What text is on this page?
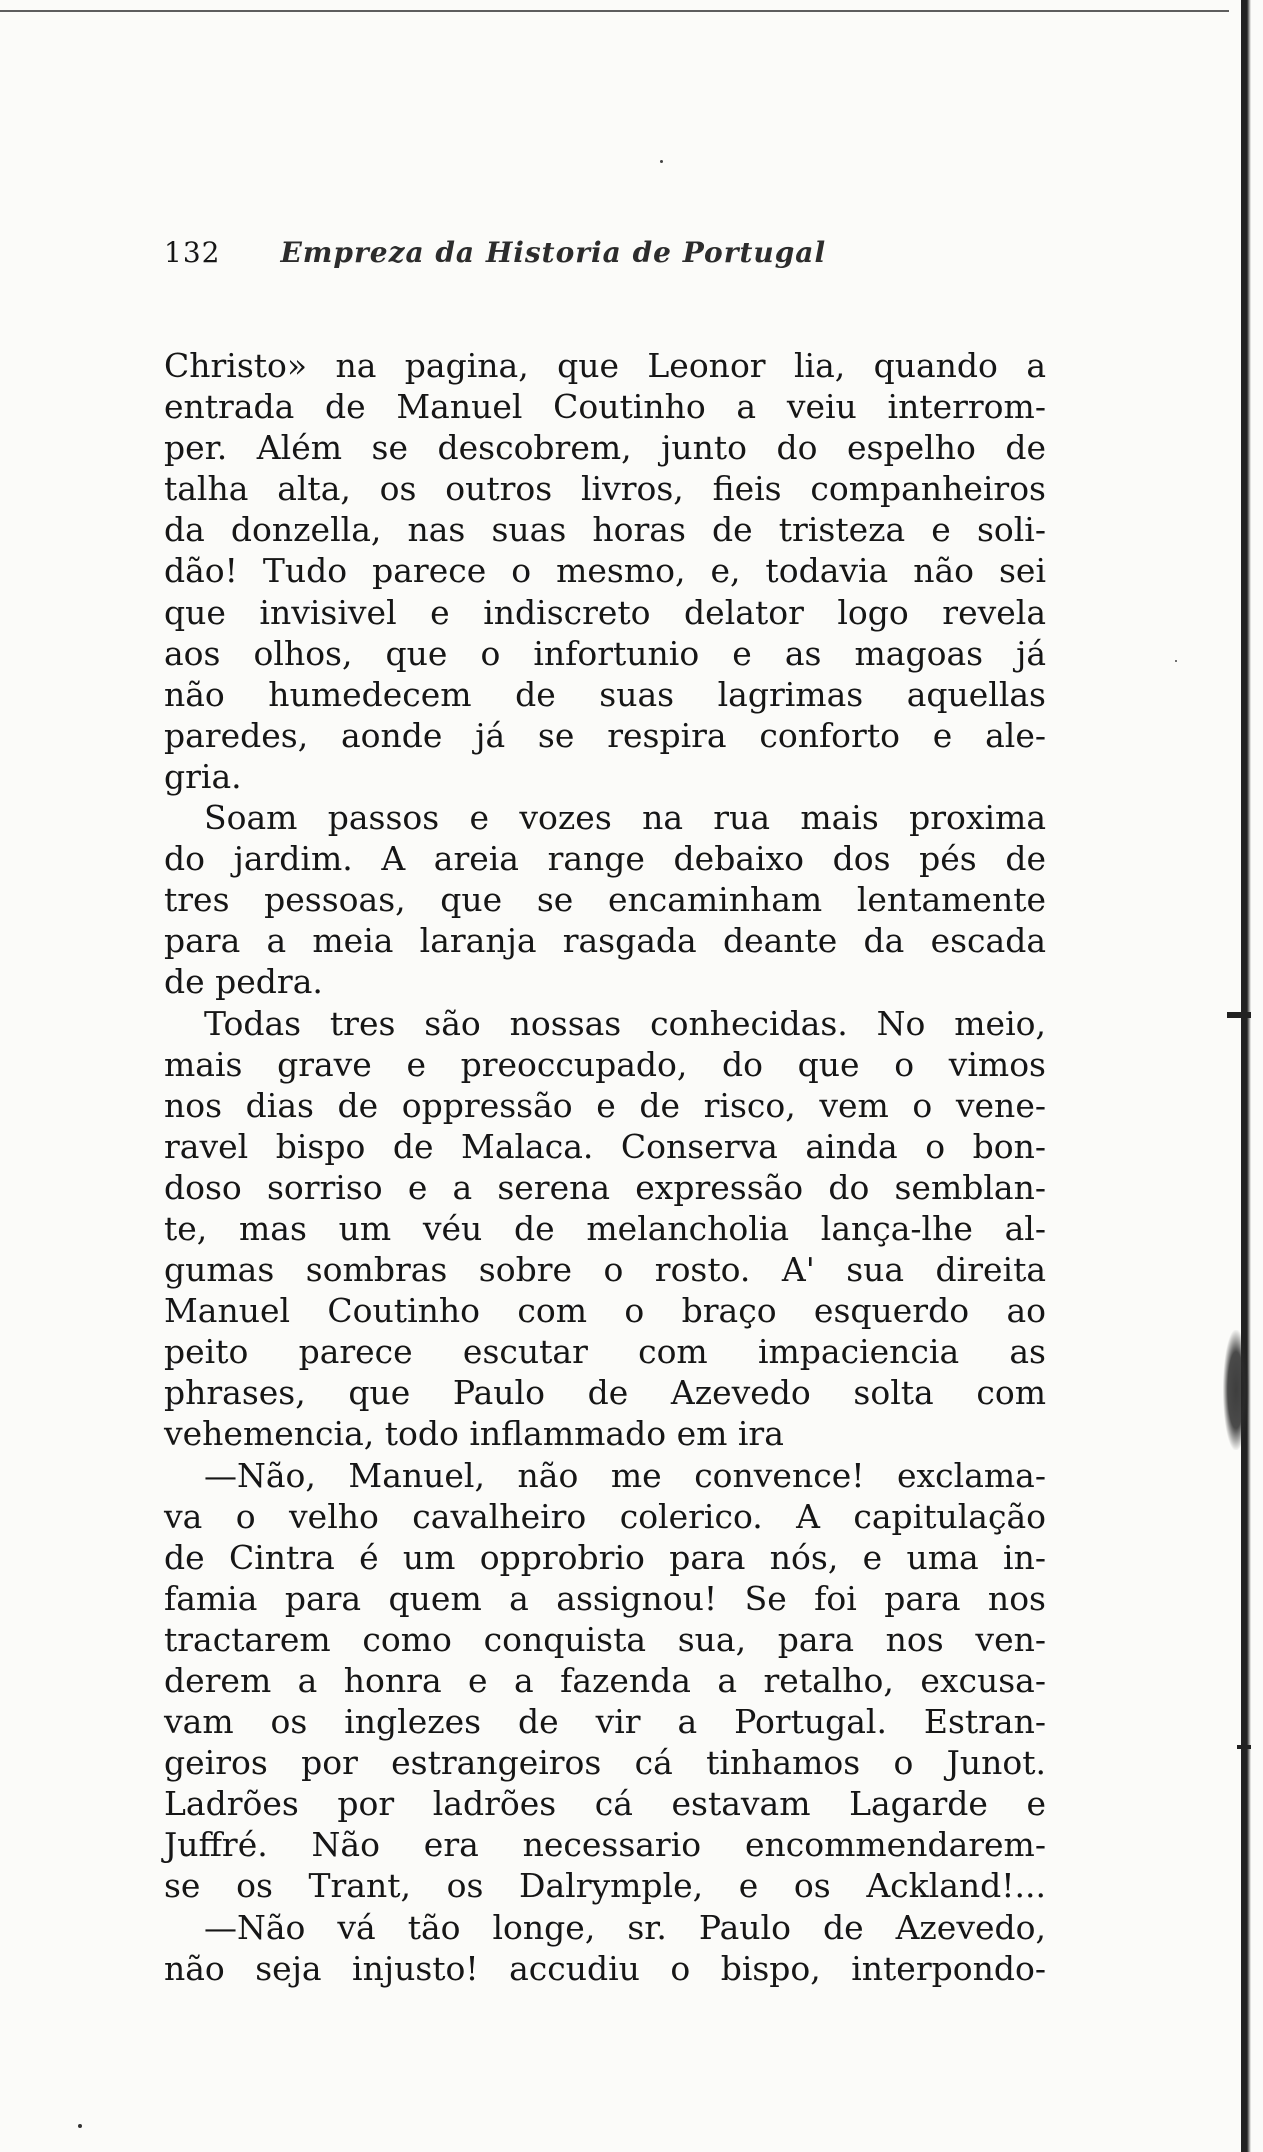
132 Empreza da Historia de Portugal
Christo» na pagina, que Leonor lia, quando a
entrada de Manuel Coutinho a veiu interrom-
per. Além se descobrem, junto do espelho de
talha alta, os outros livros, fieis companheiros
da donzella, nas suas horas de tristeza e soli-
dão! Tudo parece o mesmo, e, todavia não sei
que invisivel e indiscreto delator logo revela
aos olhos, que o infortunio e as magoas já
não humedecem de suas lagrimas aquellas
paredes, aonde já se respira conforto e ale-
gria.
Soam passos e vozes na rua mais proxima
do jardim. A areia range debaixo dos pés de
tres pessoas, que se encaminham lentamente
para a meia laranja rasgada deante da escada
de pedra.
Todas tres são nossas conhecidas. No meio,
mais grave e preoccupado, do que o vimos
nos dias de oppressão e de risco, vem o vene-
ravel bispo de Malaca. Conserva ainda o bon-
doso sorriso e a serena expressão do semblan-
te, mas um véu de melancholia lança-lhe al-
gumas sombras sobre o rosto. A' sua direita
Manuel Coutinho com o braço esquerdo ao
peito parece escutar com impaciencia as
phrases, que Paulo de Azevedo solta com
vehemencia, todo inflammado em ira
—Não, Manuel, não me convence! exclama-
va o velho cavalheiro colerico. A capitulação
de Cintra é um opprobrio para nós, e uma in-
famia para quem a assignou! Se foi para nos
tractarem como conquista sua, para nos ven-
derem a honra e a fazenda a retalho, excusa-
vam os inglezes de vir a Portugal. Estran-
geiros por estrangeiros cá tinhamos o Junot.
Ladrões por ladrões cá estavam Lagarde e
Juffré. Não era necessario encommendarem-
se os Trant, os Dalrymple, e os Ackland!...
—Não vá tão longe, sr. Paulo de Azevedo,
não seja injusto! accudiu o bispo, interpondo-
